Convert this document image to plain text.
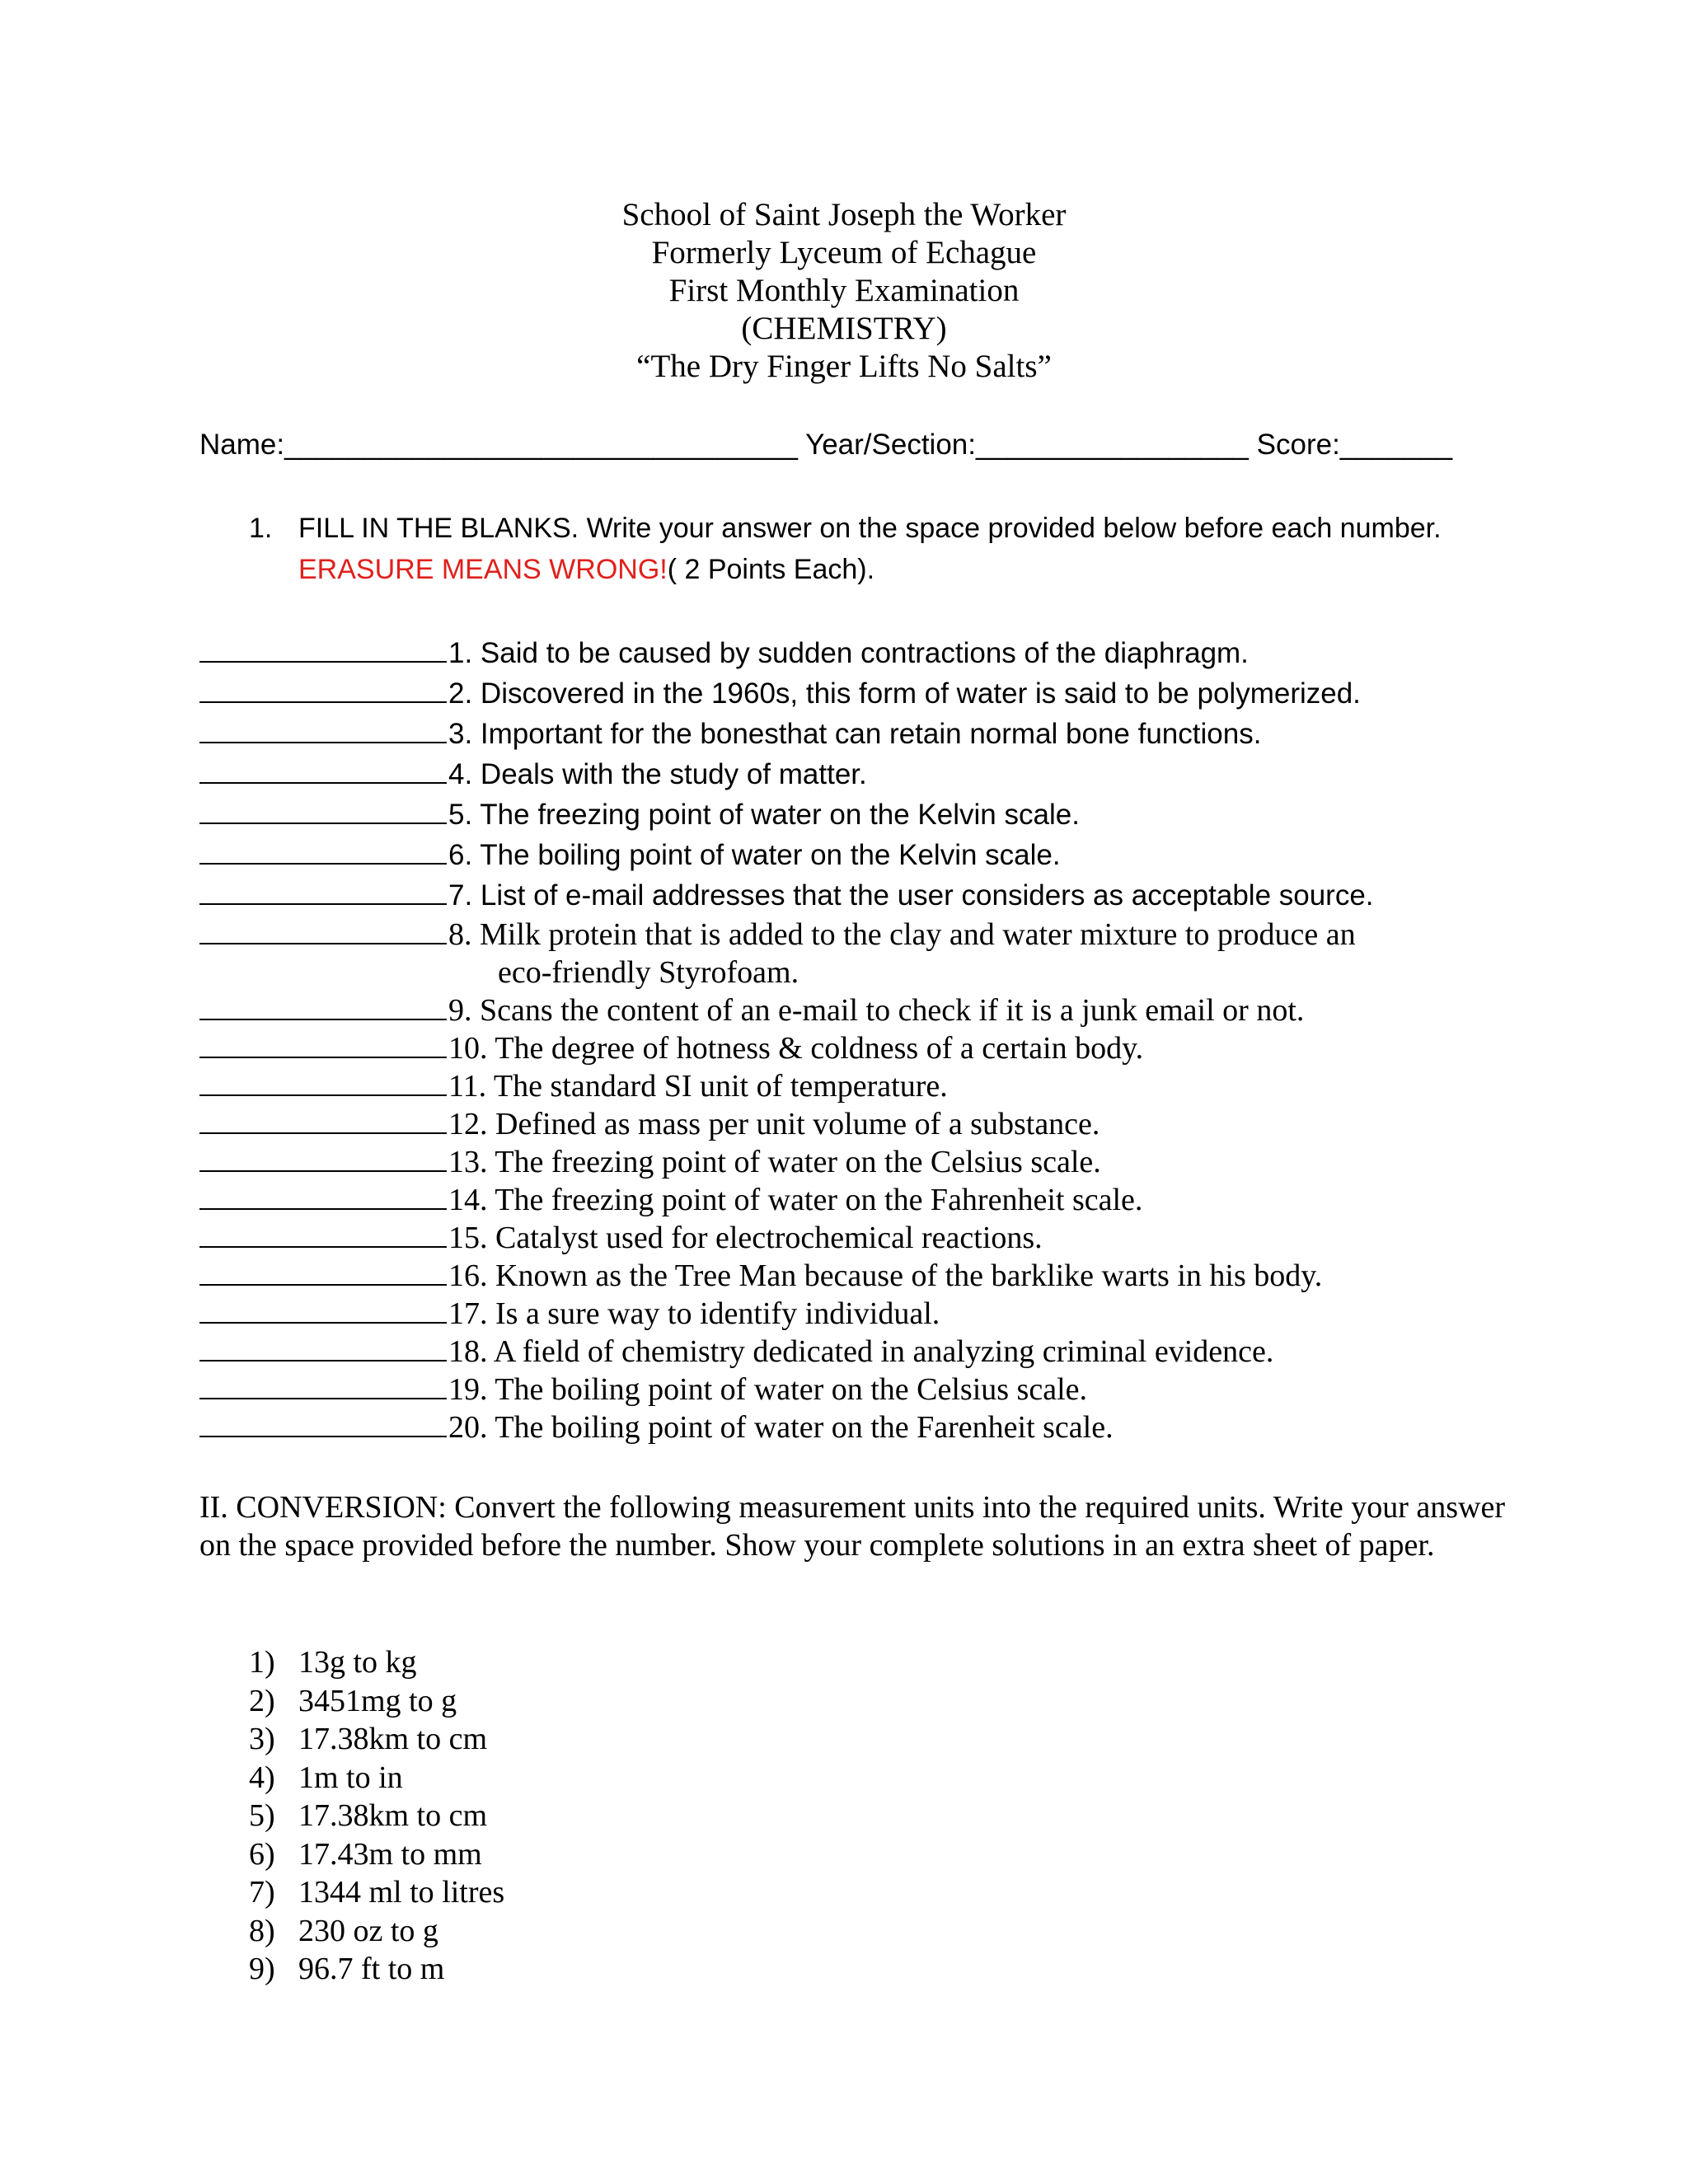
School of Saint Joseph the Worker
Formerly Lyceum of Echague
First Monthly Examination
(CHEMISTRY)
“The Dry Finger Lifts No Salts”
Name:________________________________ Year/Section:_________________ Score:_______
1. FILL IN THE BLANKS. Write your answer on the space provided below before each number. ERASURE MEANS WRONG!( 2 Points Each).
1. Said to be caused by sudden contractions of the diaphragm.
2. Discovered in the 1960s, this form of water is said to be polymerized.
3. Important for the bonesthat can retain normal bone functions.
4. Deals with the study of matter.
5. The freezing point of water on the Kelvin scale.
6. The boiling point of water on the Kelvin scale.
7. List of e-mail addresses that the user considers as acceptable source.
8. Milk protein that is added to the clay and water mixture to produce an
eco-friendly Styrofoam.
9. Scans the content of an e-mail to check if it is a junk email or not.
10. The degree of hotness & coldness of a certain body.
11. The standard SI unit of temperature.
12. Defined as mass per unit volume of a substance.
13. The freezing point of water on the Celsius scale.
14. The freezing point of water on the Fahrenheit scale.
15. Catalyst used for electrochemical reactions.
16. Known as the Tree Man because of the barklike warts in his body.
17. Is a sure way to identify individual.
18. A field of chemistry dedicated in analyzing criminal evidence.
19. The boiling point of water on the Celsius scale.
20. The boiling point of water on the Farenheit scale.
II. CONVERSION: Convert the following measurement units into the required units. Write your answer on the space provided before the number. Show your complete solutions in an extra sheet of paper.
1) 13g to kg
2) 3451mg to g
3) 17.38km to cm
4) 1m to in
5) 17.38km to cm
6) 17.43m to mm
7) 1344 ml to litres
8) 230 oz to g
9) 96.7 ft to m
